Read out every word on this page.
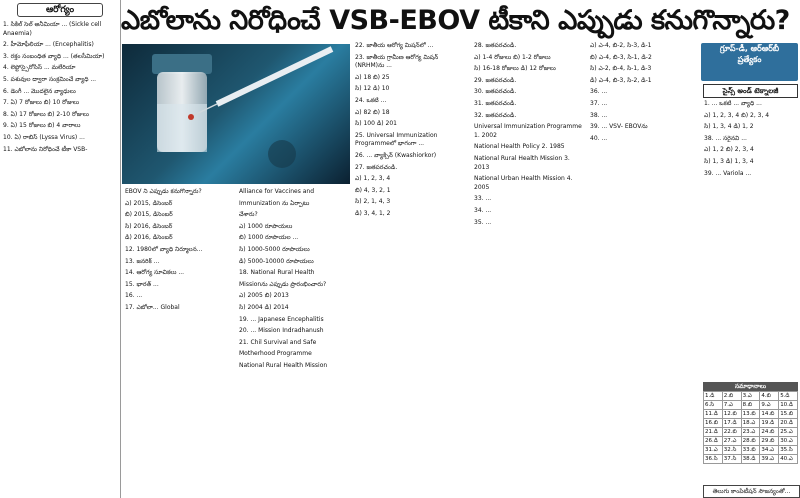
ఆరోగ్యం
1. సికిల్ సెల్ అనీమియా ... (Sickle cell Anaemia)
2. హీమోఫీలియా ... (Encephalitis)
3. రక్తం సంబంధిత వ్యాధి ... (తలసీమియా)
4. లెప్టోస్పైరోసిస్ ... మలేరియా
5. పశువుల ద్వారా సంక్రమించే వ్యాధి ...
6. డెంగీ ... మొదలైన వ్యాధులు
7. ఏ) 7 రోజులు బి) 10 రోజులు
8. ఏ) 17 రోజులు బి) 2-10 రోజులు
9. ఏ) 15 రోజులు బి) 4 వారాలు
10. ఏ) రాబిస్ (Lyssa Virus) ...
11. ఎబోలాను నిరోధించే టీకా VSB-
ఎబోలాను నిరోధించే VSB-EBOV టీకాని ఎప్పుడు కనుగొన్నారు?
EBOV ని ఎప్పుడు కనుగొన్నారు?
ఎ) 2015, డిసెంబర్
బి) 2015, డిసెంబర్
సి) 2016, డిసెంబర్
డి) 2016, డిసెంబర్
12. 1980లో వ్యాధి నిర్మూలన...
13. జనరిక్ ...
14. ఆరోగ్య సూచికలు ...
15. భారత్ ...
16. ...
17. ఎబోలా... Global
Alliance for Vaccines and
Immunization ను ఏర్పాటు
చేశారు?
ఎ) 1000 రూపాయలు
బి) 1000 రూపాయల ...
సి) 1000-5000 రూపాయలు
డి) 5000-10000 రూపాయలు
18. National Rural Health
Missionను ఎప్పుడు ప్రారంభించారు?
ఎ) 2005 బి) 2013
సి) 2004 డి) 2014
19. ... Japanese Encephalitis
20. ... Mission Indradhanush
21. Chil Survival and Safe
Motherhood Programme
National Rural Health Mission
22. జాతీయ ఆరోగ్య మిషన్‌లో ...
23. జాతీయ గ్రామీణ ఆరోగ్య మిషన్ (NRHM)ను ...
ఎ) 18 బి) 25
సి) 12 డి) 10
24. ఒకటి ...
ఎ) 82 బి) 18
సి) 100 డి) 201
25. Universal Immunization Programmeలో భాగంగా ...
26. ... వ్యాక్సిన్ (Kwashiorkor)
27. జతపరచండి.
ఎ) 1, 2, 3, 4
బి) 4, 3, 2, 1
సి) 2, 1, 4, 3
డి) 3, 4, 1, 2
28. జతపరచండి.
ఎ) 1-4 రోజులు బి) 1-2 రోజులు
సి) 16-18 రోజులు డి) 12 రోజులు
29. జతపరచండి.
30. జతపరచండి.
31. జతపరచండి.
32. జతపరచండి.
Universal Immunization Programme 1. 2002
National Health Policy 2. 1985
National Rural Health Mission 3. 2013
National Urban Health Mission 4. 2005
33. ...
34. ...
35. ...
ఎ) ఎ-4, బి-2, సి-3, డి-1
బి) ఎ-4, బి-3, సి-1, డి-2
సి) ఎ-2, బి-4, సి-1, డి-3
డి) ఎ-4, బి-3, సి-2, డి-1
36. ...
37. ...
38. ...
39. ... VSV- EBOVను
40. ...
గ్రూప్-డీ, ఆర్ఆర్‌బీ
ప్రత్యేకం
సైన్స్ అండ్ టెక్నాలజీ
1. ... ఒకటి ... వ్యాధి ...
ఎ) 1, 2, 3, 4 బి) 2, 3, 4
సి) 1, 3, 4 డి) 1, 2
38. ... సరైనవి ...
ఎ) 1, 2 బి) 2, 3, 4
సి) 1, 3 డి) 1, 3, 4
39. ... Variola ...
సమాధానాలు
1.డి	2.బి	3.ఎ	4.బి	5.డి
6.సి	7.ఎ	8.బి	9.ఎ	10.డి
11.డి	12.బి	13.బి	14.బి	15.బి
16.బి	17.డి	18.ఎ	19.డి	20.డి
21.డి	22.బి	23.ఎ	24.బి	25.ఎ
26.డి	27.ఎ	28.బి	29.బి	30.ఎ
31.ఎ	32.సి	33.బి	34.ఎ	35.సి
36.సి	37.సి	38.డి	39.ఎ	40.ఎ
తెలుగు కాంపిటీషన్ సౌజన్యంతో...
